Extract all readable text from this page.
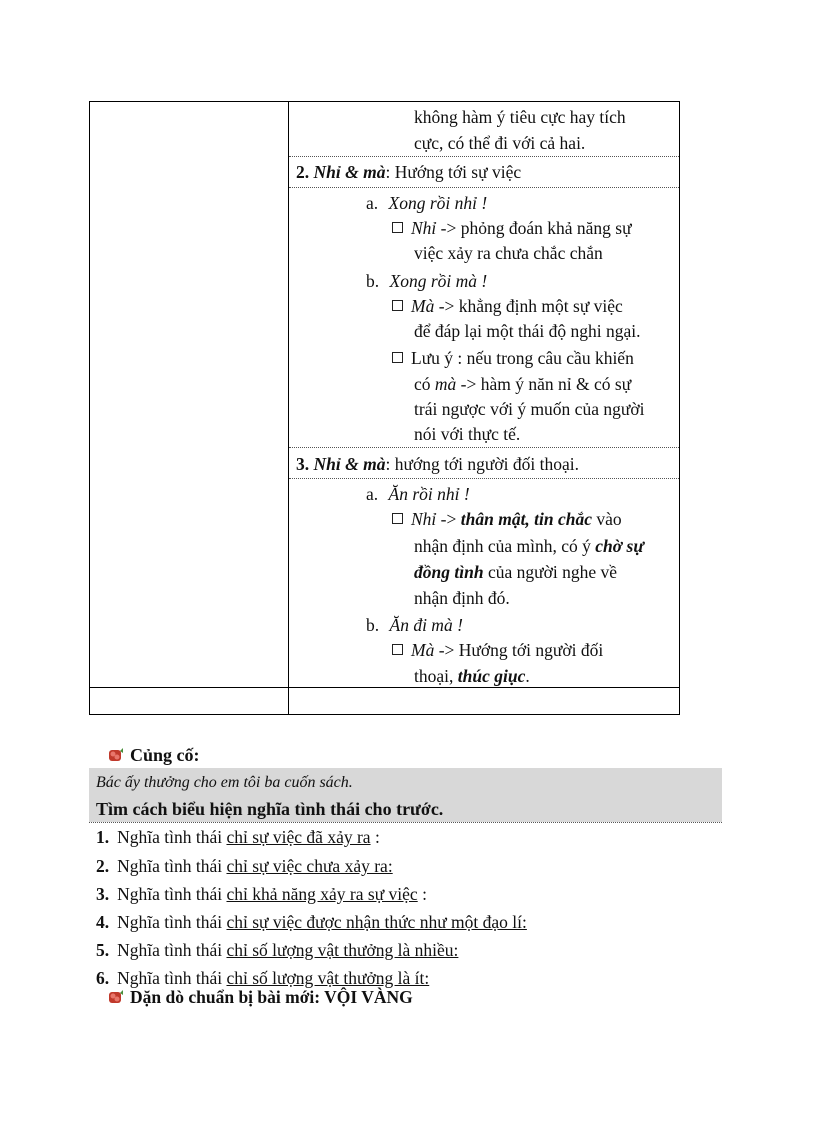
không hàm ý tiêu cực hay tích
cực, có thể đi với cả hai.
2. Nhỉ & mà: Hướng tới sự việc
a. Xong rồi nhỉ !
Nhỉ -> phỏng đoán khả năng sự
việc xảy ra chưa chắc chắn
b. Xong rồi mà !
Mà -> khẳng định một sự việc
để đáp lại một thái độ nghi ngại.
Lưu ý : nếu trong câu cầu khiến
có mà -> hàm ý năn nỉ & có sự
trái ngược với ý muốn của người
nói với thực tế.
3. Nhỉ & mà: hướng tới người đối thoại.
a. Ăn rồi nhỉ !
Nhỉ -> thân mật, tin chắc vào
nhận định của mình, có ý chờ sự
đồng tình của người nghe về
nhận định đó.
b. Ăn đi mà !
Mà -> Hướng tới người đối
thoại, thúc giục.
Củng cố:
Bác ấy thưởng cho em tôi ba cuốn sách.
Tìm cách biểu hiện nghĩa tình thái cho trước.
1. Nghĩa tình thái chỉ sự việc đã xảy ra :
2. Nghĩa tình thái chỉ sự việc chưa xảy ra:
3. Nghĩa tình thái chỉ khả năng xảy ra sự việc :
4. Nghĩa tình thái chỉ sự việc được nhận thức như một đạo lí:
5. Nghĩa tình thái chỉ số lượng vật thưởng là nhiều:
6. Nghĩa tình thái chỉ số lượng vật thưởng là ít:
Dặn dò chuẩn bị bài mới: VỘI VÀNG
